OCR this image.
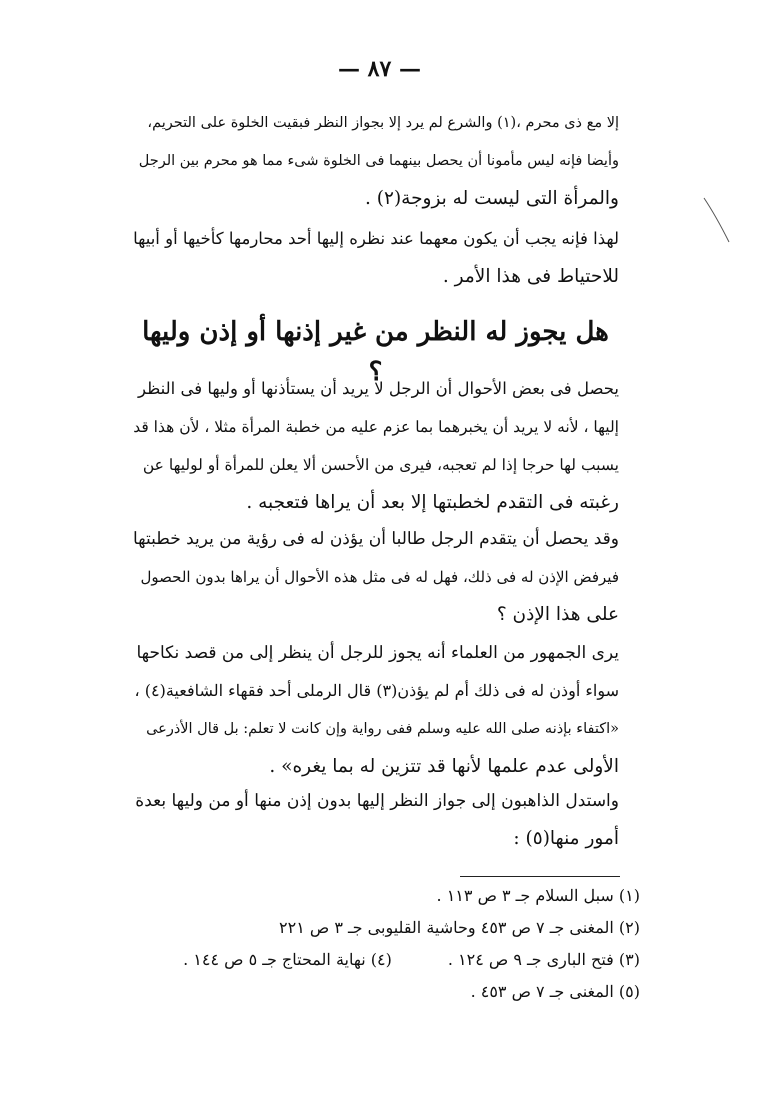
— ٨٧ —
إلا مع ذى محرم ،(١) والشرع لم يرد إلا بجواز النظر فبقيت الخلوة على التحريم،
وأيضا فإنه ليس مأمونا أن يحصل بينهما فى الخلوة شىء مما هو محرم بين الرجل
والمرأة التى ليست له بزوجة(٢) .
لهذا فإنه يجب أن يكون معهما عند نظره إليها أحد محارمها كأخيها أو أبيها
للاحتياط فى هذا الأمر .
هل يجوز له النظر من غير إذنها أو إذن وليها ؟
يحصل فى بعض الأحوال أن الرجل لا يريد أن يستأذنها أو وليها فى النظر
إليها ، لأنه لا يريد أن يخبرهما بما عزم عليه من خطبة المرأة مثلا ، لأن هذا قد
يسبب لها حرجا إذا لم تعجبه، فيرى من الأحسن ألا يعلن للمرأة أو لوليها عن
رغبته فى التقدم لخطبتها إلا بعد أن يراها فتعجبه .
وقد يحصل أن يتقدم الرجل طالبا أن يؤذن له فى رؤية من يريد خطبتها
فيرفض الإذن له فى ذلك، فهل له فى مثل هذه الأحوال أن يراها بدون الحصول
على هذا الإذن ؟
يرى الجمهور من العلماء أنه يجوز للرجل أن ينظر إلى من قصد نكاحها
سواء أوذن له فى ذلك أم لم يؤذن(٣) قال الرملى أحد فقهاء الشافعية(٤) ،
«اكتفاء بإذنه صلى الله عليه وسلم ففى رواية وإن كانت لا تعلم: بل قال الأذرعى
الأولى عدم علمها لأنها قد تتزين له بما يغره» .
واستدل الذاهبون إلى جواز النظر إليها بدون إذن منها أو من وليها بعدة
أمور منها(٥) :
(١) سبل السلام جـ ٣ ص ١١٣ .
(٢) المغنى جـ ٧ ص ٤٥٣ وحاشية القليوبى جـ ٣ ص ٢٢١
(٣) فتح البارى جـ ٩ ص ١٢٤ .
(٤) نهاية المحتاج جـ ٥ ص ١٤٤ .
(٥) المغنى جـ ٧ ص ٤٥٣ .
